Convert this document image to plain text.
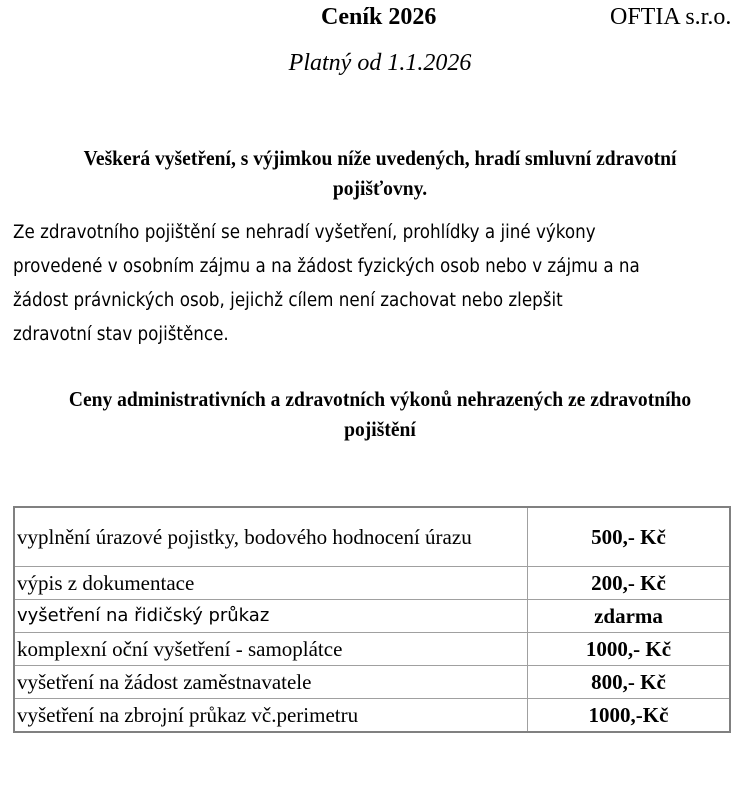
Ceník 2026	OFTIA s.r.o.
Platný od 1.1.2026
Veškerá vyšetření, s výjimkou níže uvedených, hradí smluvní zdravotní pojišťovny.
Ze zdravotního pojištění se nehradí vyšetření, prohlídky a jiné výkony
provedené v osobním zájmu a na žádost fyzických osob nebo v zájmu a na
žádost právnických osob, jejichž cílem není zachovat nebo zlepšit
zdravotní stav pojištěnce.
Ceny administrativních a zdravotních výkonů nehrazených ze zdravotního pojištění
vyplnění úrazové pojistky, bodového hodnocení úrazu	500,- Kč
výpis z dokumentace	200,- Kč
vyšetření na řidičský průkaz	zdarma
komplexní oční vyšetření - samoplátce	1000,- Kč
vyšetření na žádost zaměstnavatele	800,- Kč
vyšetření na zbrojní průkaz vč.perimetru	1000,-Kč
